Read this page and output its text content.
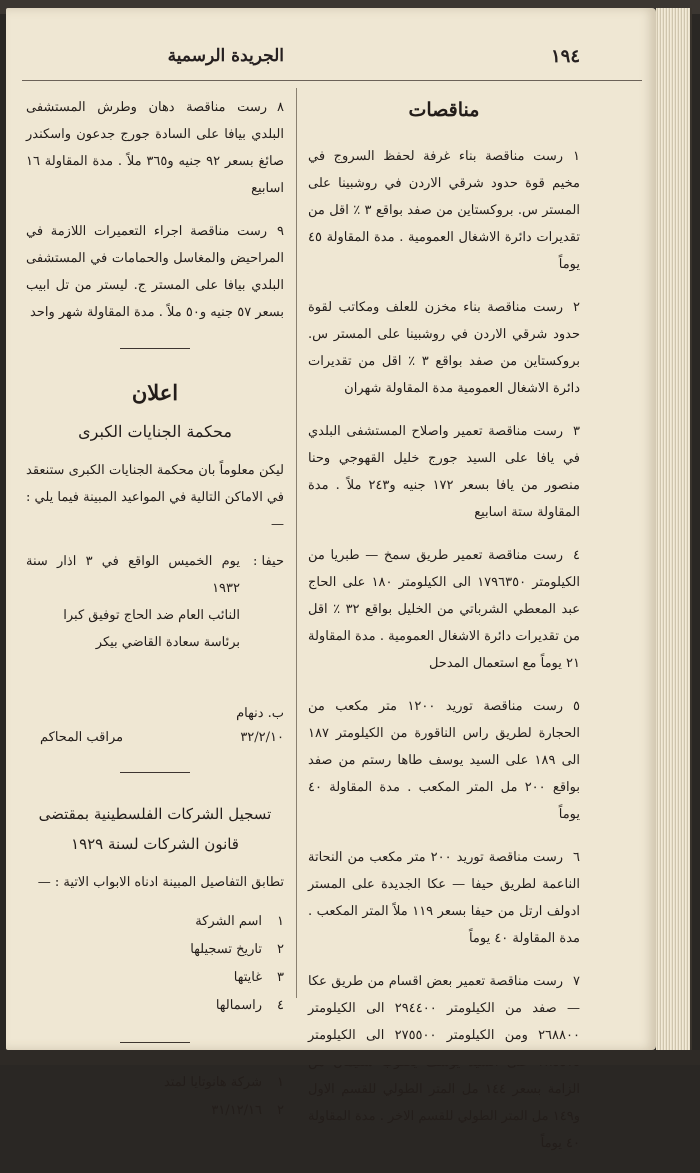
الجريدة الرسمية	١٩٤
مناقصات

١رست مناقصة بناء غرفة لحفظ السروج في مخيم قوة حدود شرقي الاردن في روشبينا على المستر س. بروكستاين من صفد بواقع ٣ ٪ اقل من تقديرات دائرة الاشغال العمومية . مدة المقاولة ٤٥ يوماً

٢رست مناقصة بناء مخزن للعلف ومكاتب لقوة حدود شرقي الاردن في روشبينا على المستر س. بروكستاين من صفد بواقع ٣ ٪ اقل من تقديرات دائرة الاشغال العمومية مدة المقاولة شهران

٣رست مناقصة تعمير واصلاح المستشفى البلدي في يافا على السيد جورج خليل القهوجي وحنا منصور من يافا بسعر ١٧٢ جنيه و٢٤٣ ملاً . مدة المقاولة ستة اسابيع

٤رست مناقصة تعمير طريق سمخ — طبريا من الكيلومتر ١٧٩٦٣٥٠ الى الكيلومتر ١٨٠ على الحاج عبد المعطي الشرباتي من الخليل بواقع ٣٢ ٪ اقل من تقديرات دائرة الاشغال العمومية . مدة المقاولة ٢١ يوماً مع استعمال المدحل

٥رست مناقصة توريد ١٢٠٠ متر مكعب من الحجارة لطريق راس الناقورة من الكيلومتر ١٨٧ الى ١٨٩ على السيد يوسف طاها رستم من صفد بواقع ٢٠٠ مل المتر المكعب . مدة المقاولة ٤٠ يوماً

٦رست مناقصة توريد ٢٠٠ متر مكعب من النحاتة الناعمة لطريق حيفا — عكا الجديدة على المستر ادولف ارتل من حيفا بسعر ١١٩ ملاً المتر المكعب . مدة المقاولة ٤٠ يوماً

٧رست مناقصة تعمير بعض اقسام من طريق عكا — صفد من الكيلومتر ٢٩٤٤٠٠ الى الكيلومتر ٢٦٨٨٠٠ ومن الكيلومتر ٢٧٥٥٠٠ الى الكيلومتر الزامة بسعر ١٤٤ مل المتر الطولي للقسم الاول و١٤٩ مل المتر الطولي للقسم الاخر . مدة المقاولة ٤٠ يوماً

٨رست مناقصة دهان وطرش المستشفى البلدي بيافا على السادة جورج جدعون واسكندر صائغ بسعر ٩٢ جنيه و٣٦٥ ملاً . مدة المقاولة ١٦ اسابيع

٩رست مناقصة اجراء التعميرات اللازمة في المراحيض والمغاسل والحمامات في المستشفى البلدي بيافا على المستر ج. ليستر من تل ابيب بسعر ٥٧ جنيه و٥٠ ملاً . مدة المقاولة شهر واحد

اعلان
محكمة الجنايات الكبرى

ليكن معلوماً بان محكمة الجنايات الكبرى ستنعقد في الاماكن التالية في المواعيد المبينة فيما يلي : —

حيفا :
يوم الخميس الواقع في ٣ اذار سنة ١٩٣٢
النائب العام ضد الحاج توفيق كبرا
برئاسة سعادة القاضي بيكر
ب. دنهام
٣٢/٢/١٠

مراقب المحاكم
تسجيل الشركات الفلسطينية بمقتضى قانون الشركات لسنة ١٩٢٩

تطابق التفاصيل المبينة ادناه الابواب الاتية : —

١
اسم الشركة
٢
تاريخ تسجيلها
٣
غايتها
٤
راسمالها
١
شركة هانوتايا لمتد
٢
٣١/١٢/١٦
